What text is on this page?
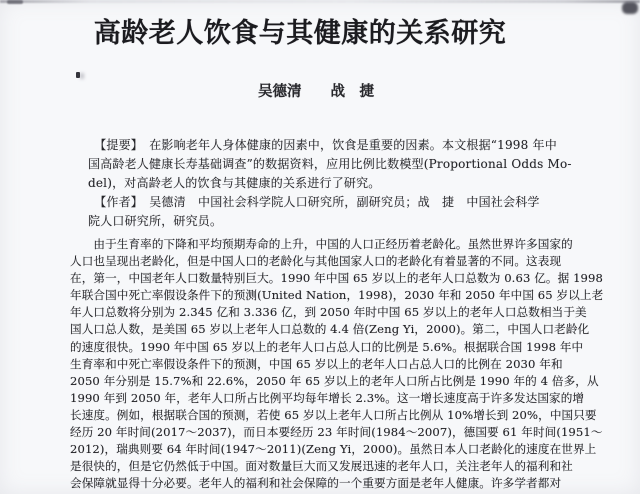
高龄老人饮食与其健康的关系研究
吴德清　　战　捷
　【提要】　在影响老年人身体健康的因素中，饮食是重要的因素。本文根据“1998 年中
国高龄老人健康长寿基础调查”的数据资料，应用比例比数模型(Proportional Odds Mo-
del)，对高龄老人的饮食与其健康的关系进行了研究。
　【作者】　吴德清　中国社会科学院人口研究所，副研究员；战　捷　中国社会科学
院人口研究所，研究员。
　　由于生育率的下降和平均预期寿命的上升，中国的人口正经历着老龄化。虽然世界许多国家的
人口也呈现出老龄化，但是中国人口的老龄化与其他国家人口的老龄化有着显著的不同。这表现
在，第一，中国老年人口数量特别巨大。1990 年中国 65 岁以上的老年人口总数为 0.63 亿。据 1998
年联合国中死亡率假设条件下的预测(United Nation，1998)，2030 年和 2050 年中国 65 岁以上老
年人口总数将分别为 2.345 亿和 3.336 亿，到 2050 年时中国 65 岁以上的老年人口总数相当于美
国人口总人数，是美国 65 岁以上老年人口总数的 4.4 倍(Zeng Yi，2000)。第二，中国人口老龄化
的速度很快。1990 年中国 65 岁以上的老年人口占总人口的比例是 5.6%。根据联合国 1998 年中
生育率和中死亡率假设条件下的预测，中国 65 岁以上的老年人口占总人口的比例在 2030 年和
2050 年分别是 15.7%和 22.6%，2050 年 65 岁以上的老年人口所占比例是 1990 年的 4 倍多，从
1990 年到 2050 年，老年人口所占比例平均每年增长 2.3%。这一增长速度高于许多发达国家的增
长速度。例如，根据联合国的预测，若使 65 岁以上老年人口所占比例从 10%增长到 20%，中国只要
经历 20 年时间(2017～2037)，而日本要经历 23 年时间(1984～2007)，德国要 61 年时间(1951～
2012)，瑞典则要 64 年时间(1947～2011)(Zeng Yi，2000)。虽然日本人口老龄化的速度在世界上
是很快的，但是它仍然低于中国。面对数量巨大而又发展迅速的老年人口，关注老年人的福利和社
会保障就显得十分必要。老年人的福利和社会保障的一个重要方面是老年人健康。许多学者都对
